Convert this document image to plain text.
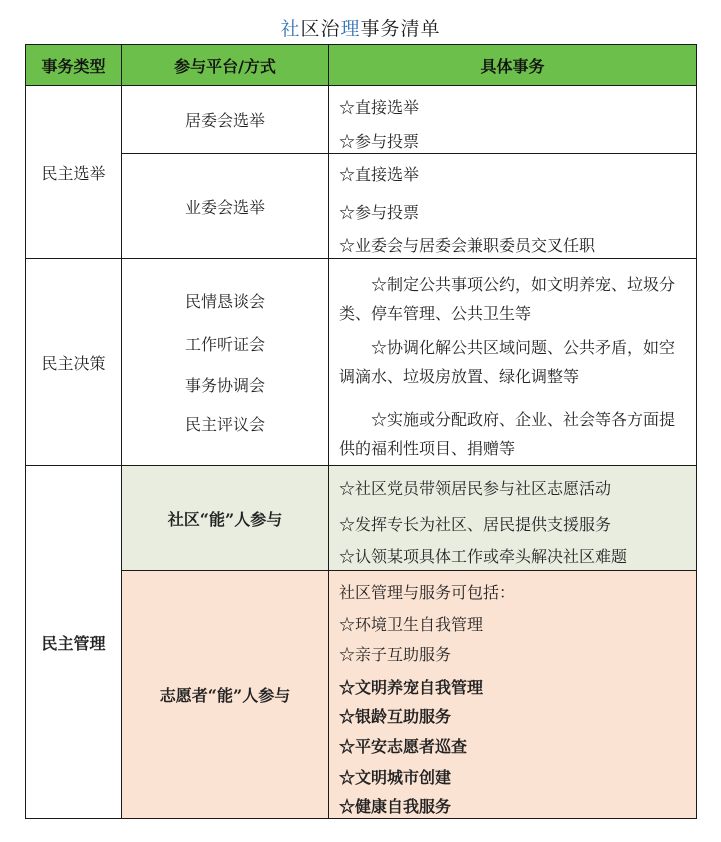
社区治理事务清单
事务类型	参与平台/方式	具体事务
民主选举
居委会选举
☆直接选举
☆参与投票
业委会选举
☆直接选举
☆参与投票
☆业委会与居委会兼职委员交叉任职
民主决策
民情恳谈会
工作听证会
事务协调会
民主评议会
☆制定公共事项公约，如文明养宠、垃圾分类、停车管理、公共卫生等
☆协调化解公共区域问题、公共矛盾，如空调滴水、垃圾房放置、绿化调整等
☆实施或分配政府、企业、社会等各方面提供的福利性项目、捐赠等
民主管理
社区“能”人参与
☆社区党员带领居民参与社区志愿活动
☆发挥专长为社区、居民提供支援服务
☆认领某项具体工作或牵头解决社区难题
志愿者“能”人参与
社区管理与服务可包括：
☆环境卫生自我管理
☆亲子互助服务
☆文明养宠自我管理
☆银龄互助服务
☆平安志愿者巡查
☆文明城市创建
☆健康自我服务
